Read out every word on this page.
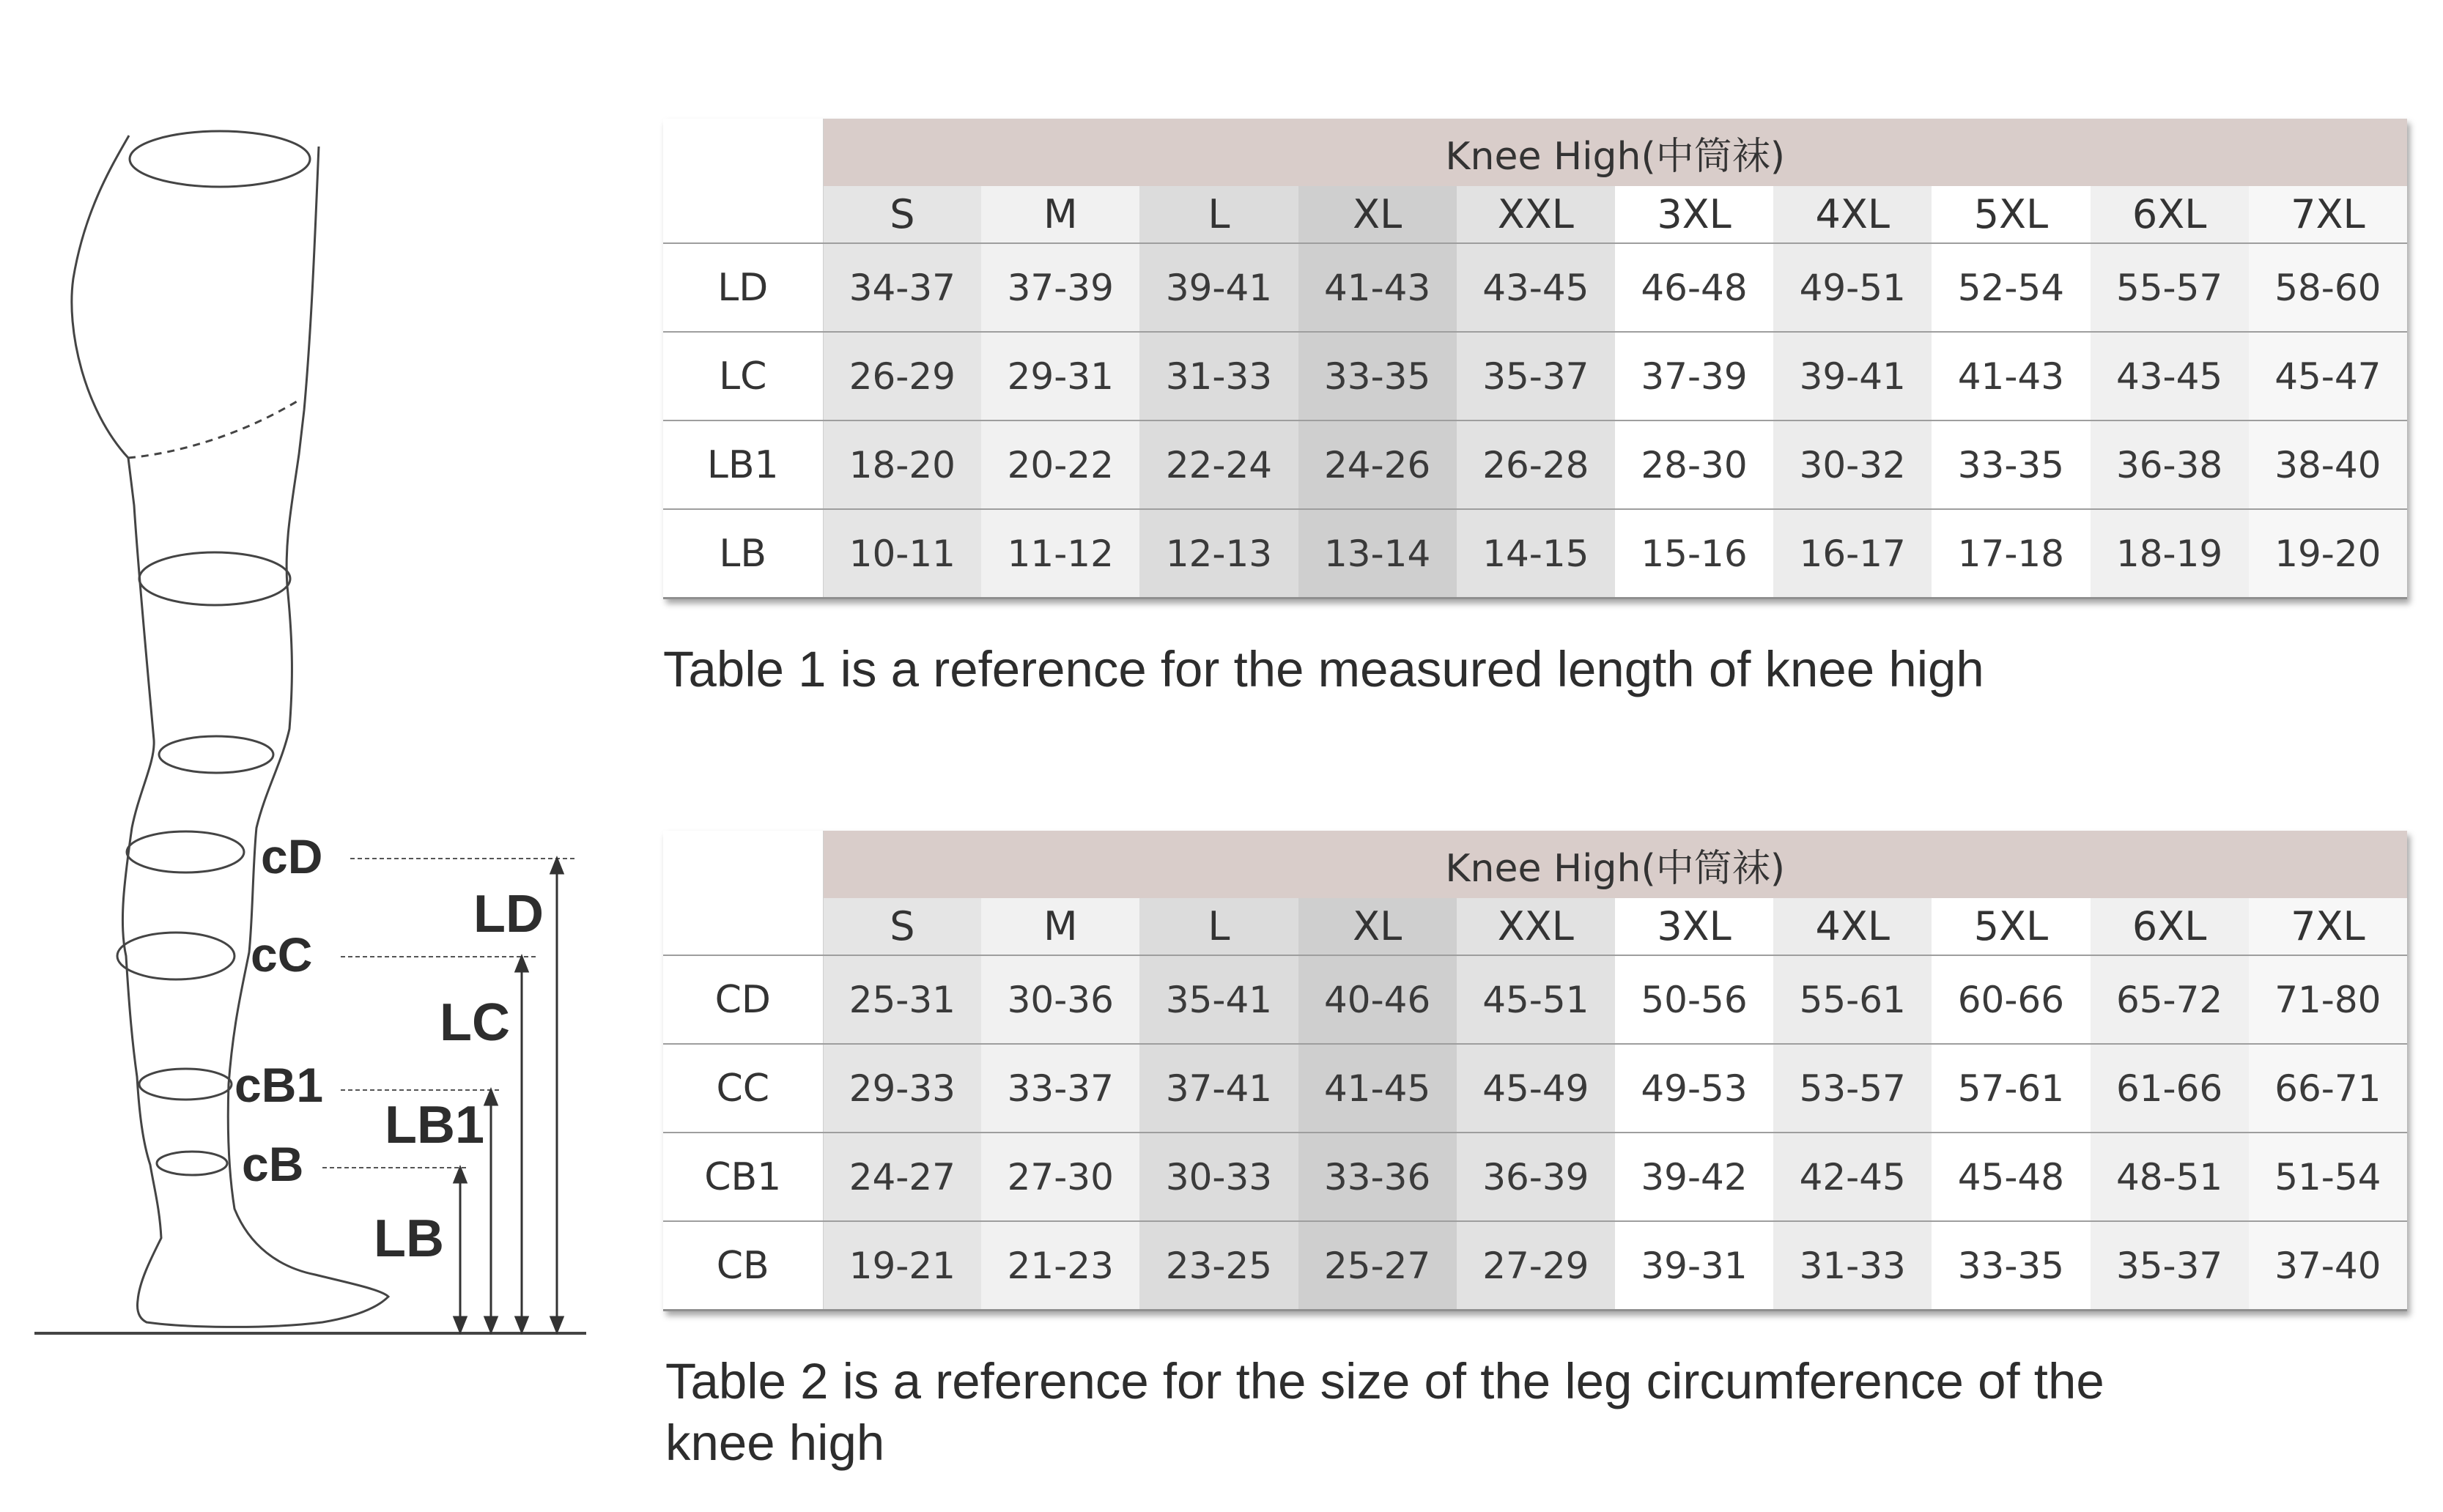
cD
cC
cB1
cB
LD
LC
LB1
LB
	Knee High(中筒袜)									
	S	M	L	XL	XXL	3XL	4XL	5XL	6XL	7XL
LD	34-37	37-39	39-41	41-43	43-45	46-48	49-51	52-54	55-57	58-60
LC	26-29	29-31	31-33	33-35	35-37	37-39	39-41	41-43	43-45	45-47
LB1	18-20	20-22	22-24	24-26	26-28	28-30	30-32	33-35	36-38	38-40
LB	10-11	11-12	12-13	13-14	14-15	15-16	16-17	17-18	18-19	19-20

Table 1 is a reference for the measured length of knee high

	Knee High(中筒袜)									
	S	M	L	XL	XXL	3XL	4XL	5XL	6XL	7XL
CD	25-31	30-36	35-41	40-46	45-51	50-56	55-61	60-66	65-72	71-80
CC	29-33	33-37	37-41	41-45	45-49	49-53	53-57	57-61	61-66	66-71
CB1	24-27	27-30	30-33	33-36	36-39	39-42	42-45	45-48	48-51	51-54
CB	19-21	21-23	23-25	25-27	27-29	39-31	31-33	33-35	35-37	37-40

Table 2 is a reference for the size of the leg circumference of the knee high
